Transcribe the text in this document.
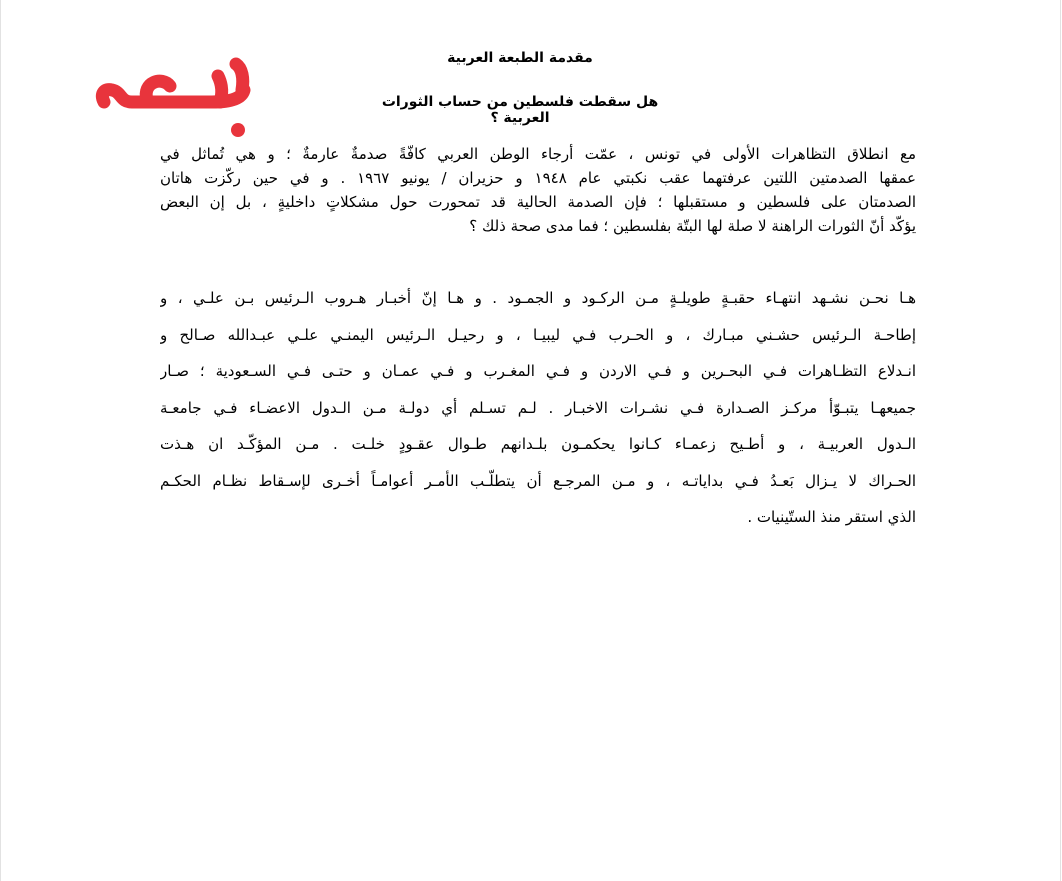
مقدمة الطبعة العربية
هل سقطت فلسطين من حساب الثورات العربية ؟
مع انطلاق التظاهرات الأولى في تونس ، عمّت أرجاء الوطن العربي كافّةً صدمةٌ عارمةٌ ؛ و هي تُماثل في
عمقها الصدمتين اللتين عرفتهما عقب نكبتي عام ١٩٤٨ و حزيران / يونيو ١٩٦٧ . و في حين ركّزت هاتان
الصدمتان على فلسطين و مستقبلها ؛ فإن الصدمة الحالية قد تمحورت حول مشكلاتٍ داخليةٍ ، بل إن البعض
يؤكّد أنّ الثورات الراهنة لا صلة لها البتّة بفلسطين ؛ فما مدى صحة ذلك ؟
هـا نحـن نشـهد انتهـاء حقبـةٍ طويلـةٍ مـن الركـود و الجمـود . و هـا إنّ أخبـار هـروب الـرئيس بـن علـي ، و
إطاحـة الـرئيس حشـني مبـارك ، و الحـرب فـي ليبيـا ، و رحيـل الـرئيس اليمنـي علـي عبـدالله صـالح و
انـدلاع التظـاهرات فـي البحـرين و فـي الاردن و فـي المغـرب و فـي عمـان و حتـى فـي السـعودية ؛ صـار
جميعهـا يتبـوّأ مركـز الصـدارة فـي نشـرات الاخبـار . لـم تسـلم أي دولـة مـن الـدول الاعضـاء فـي جامعـة
الـدول العربيـة ، و أطـيح زعمـاء كـانوا يحكمـون بلـدانهم طـوال عقـودٍ خلـت . مـن المؤكّـد ان هـذت
الحـراك لا يـزال بَعـدُ فـي بداياتـه ، و مـن المرجـع أن يتطلّـب الأمـر أعوامـاً أخـرى لإسـقاط نظـام الحكـم
الذي استقر منذ الستّينيات .
